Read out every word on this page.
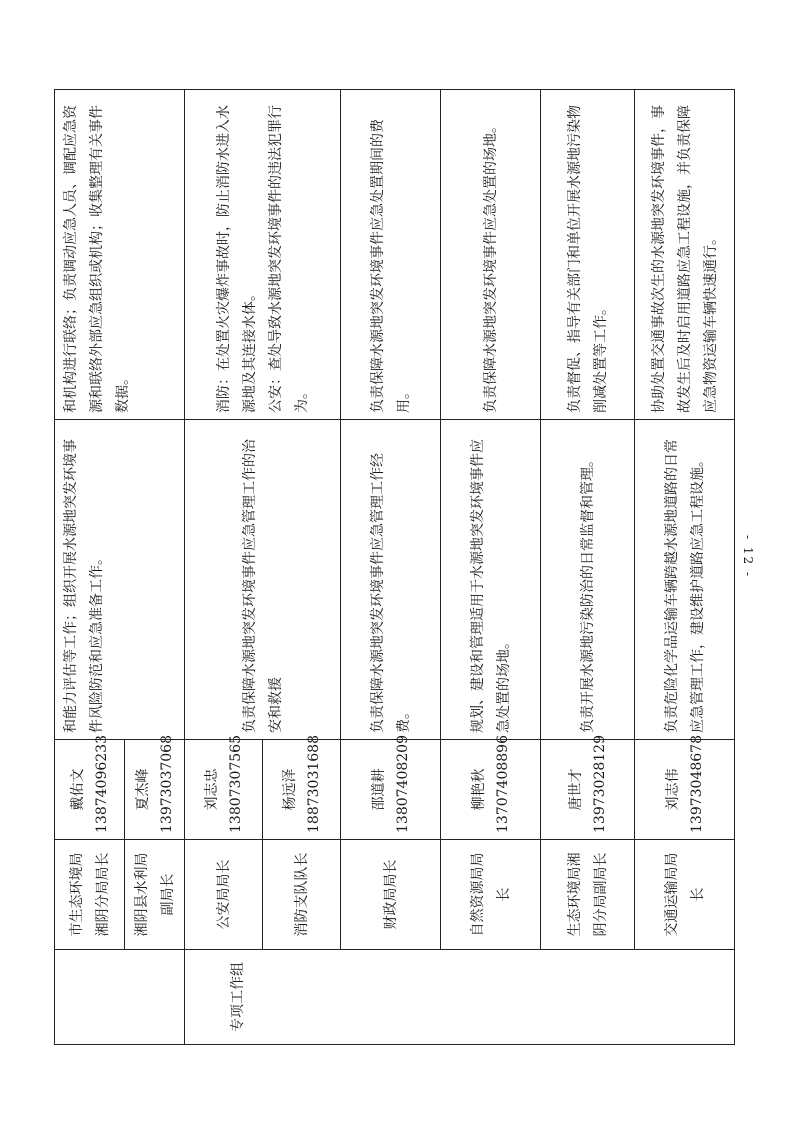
	市生态环境局湘阴分局局长	戴佑文 13874096233	和能力评估等工作；组织开展水源地突发环境事件风险防范和应急准备工作。	和机构进行联络；负责调动应急人员、调配应急资源和联络外部应急组织或机构；收集整理有关事件数据。
	湘阴县水利局副局长	夏杰峰 13973037068		

专项工作组	公安局局长	刘志忠 13807307565	负责保障水源地突发环境事件应急管理工作的治安和救援	消防：在处置火灾爆炸事故时，防止消防水进入水源地及其连接水体。 公安：查处导致水源地突发环境事件的违法犯罪行为。

	消防支队队长	杨远泽 18873031688		

	财政局局长	邵道耕 13807408209	负责保障水源地突发环境事件应急管理工作经费。	负责保障水源地突发环境事件应急处置期间的费用。
	自然资源局局长	柳艳秋 13707408896	规划、建设和管理适用于水源地突发环境事件应急处置的场地。	负责保障水源地突发环境事件应急处置的场地。
	生态环境局湘阴分局副局长	唐世才 13973028129	负责开展水源地污染防治的日常监督和管理。	负责督促、指导有关部门和单位开展水源地污染物削减处置等工作。
	交通运输局局长	刘志伟 13973048678	负责危险化学品运输车辆跨越水源地道路的日常应急管理工作，建设维护道路应急工程设施。	协助处置交通事故次生的水源地突发环境事件，事故发生后及时启用道路应急工程设施，并负责保障应急物资运输车辆快速通行。
- 12 -
